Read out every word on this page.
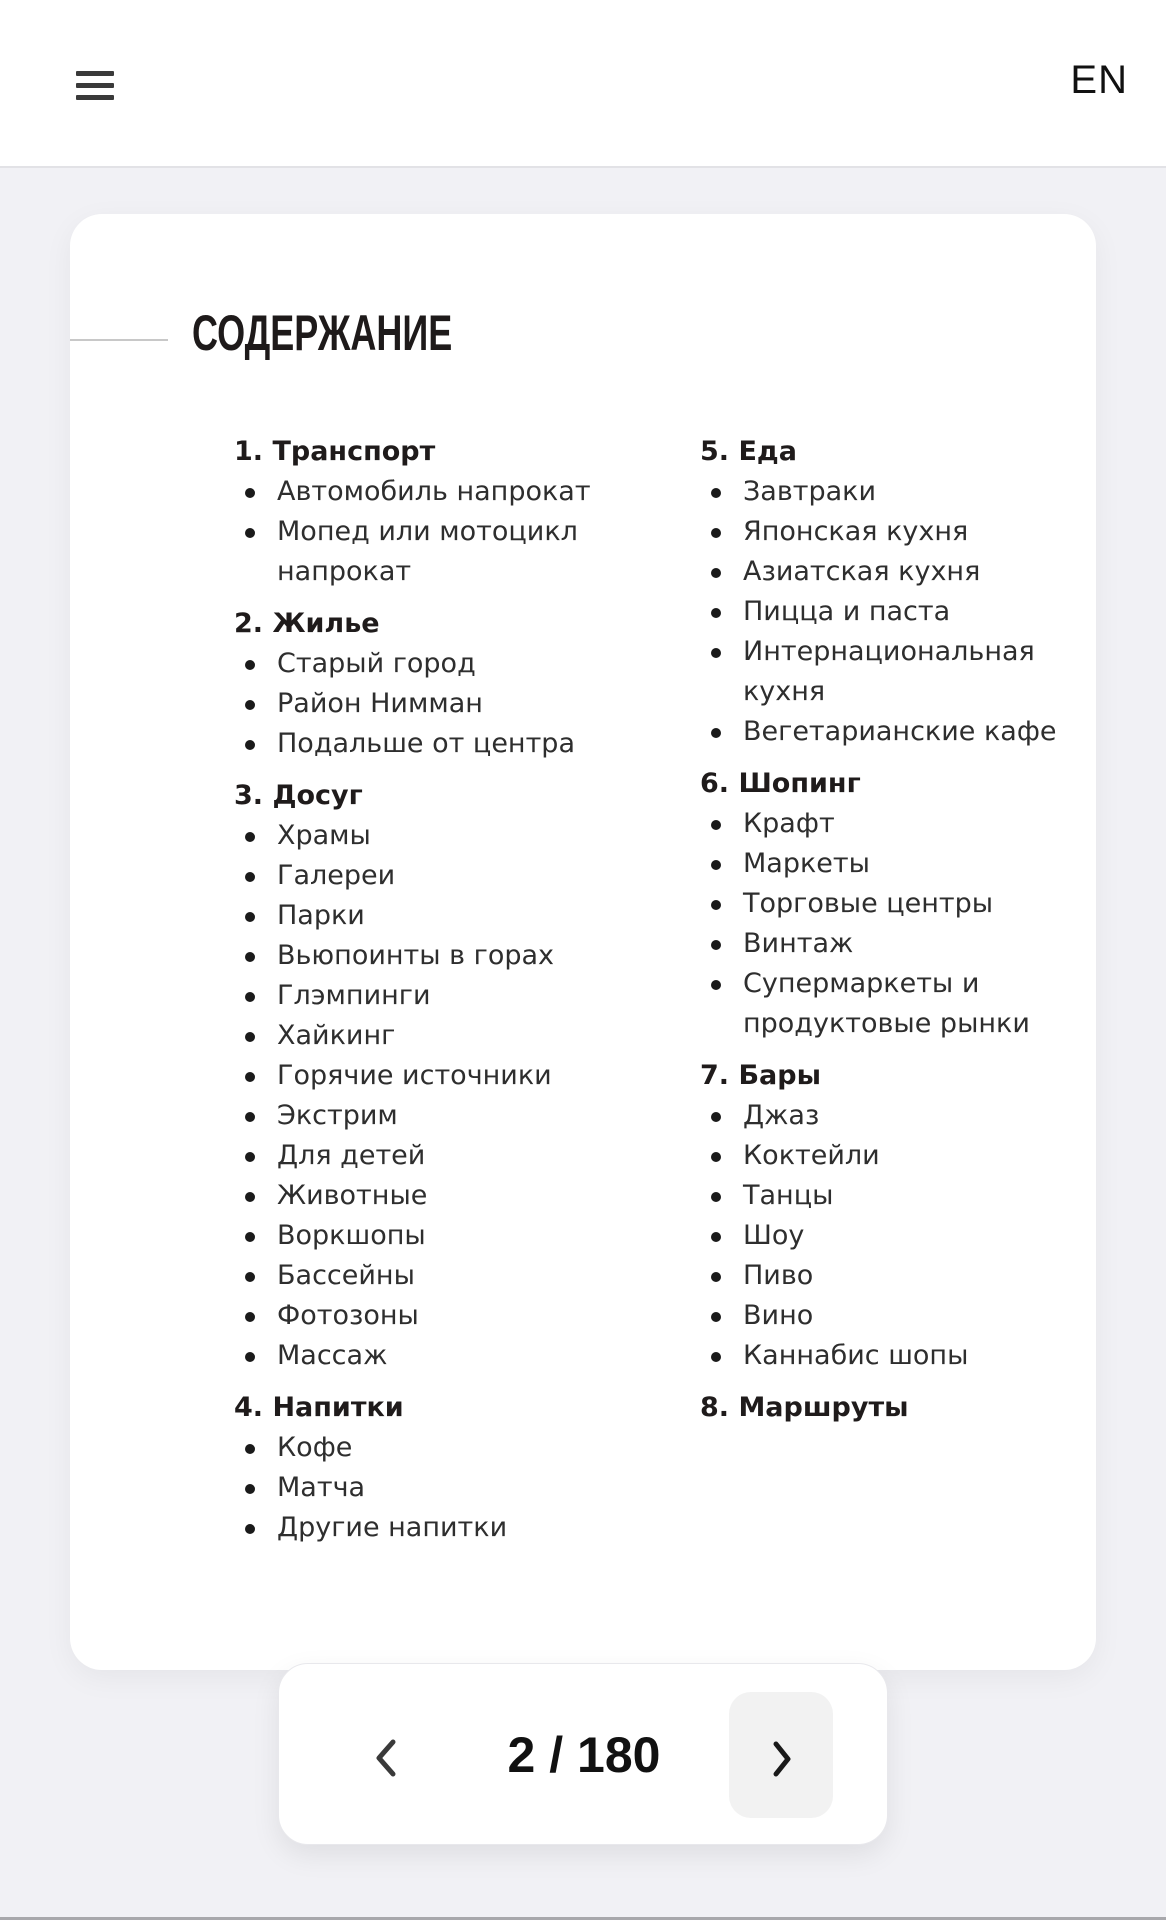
EN
СОДЕРЖАНИЕ
1. Транспорт
Автомобиль напрокат
Мопед или мотоцикл напрокат
2. Жилье
Старый город
Район Нимман
Подальше от центра
3. Досуг
Храмы
Галереи
Парки
Вьюпоинты в горах
Глэмпинги
Хайкинг
Горячие источники
Экстрим
Для детей
Животные
Воркшопы
Бассейны
Фотозоны
Массаж
4. Напитки
Кофе
Матча
Другие напитки
5. Еда
Завтраки
Японская кухня
Азиатская кухня
Пицца и паста
Интернациональная кухня
Вегетарианские кафе
6. Шопинг
Крафт
Маркеты
Торговые центры
Винтаж
Супермаркеты и продуктовые рынки
7. Бары
Джаз
Коктейли
Танцы
Шоу
Пиво
Вино
Каннабис шопы
8. Маршруты
2 / 180
